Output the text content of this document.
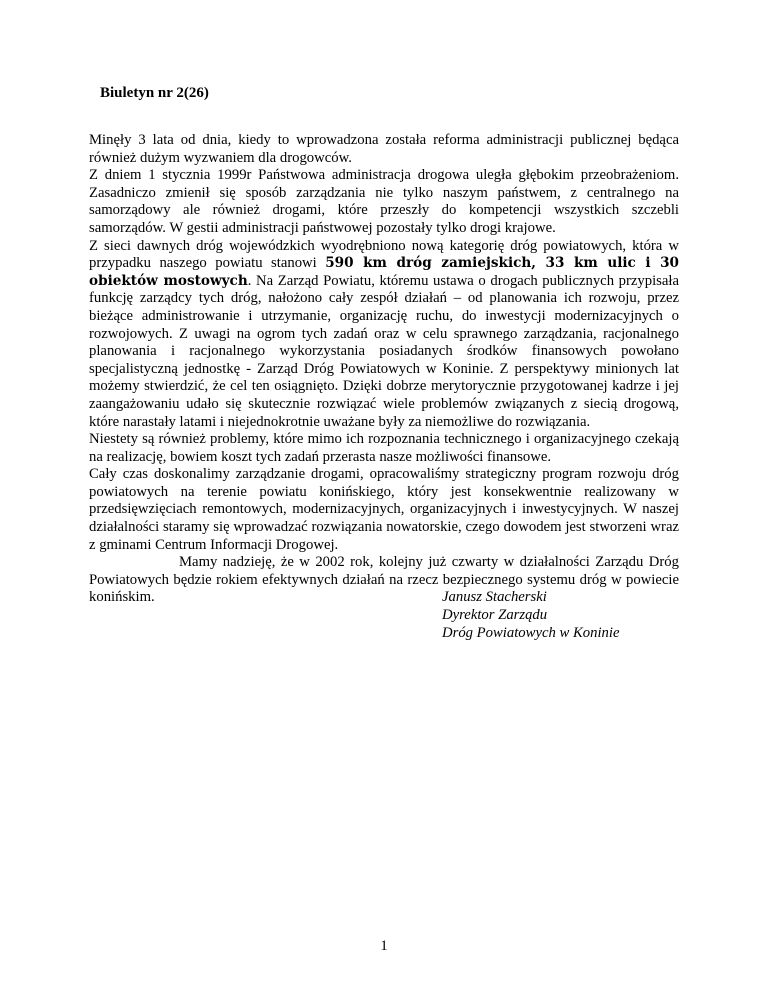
Biuletyn nr 2(26)

Minęły 3 lata od dnia, kiedy to wprowadzona została reforma administracji publicznej będąca również dużym wyzwaniem dla drogowców.

Z dniem 1 stycznia 1999r Państwowa administracja drogowa uległa głębokim przeobrażeniom. Zasadniczo zmienił się sposób zarządzania nie tylko naszym państwem, z centralnego na samorządowy ale również drogami, które przeszły do kompetencji wszystkich szczebli samorządów. W gestii administracji państwowej pozostały tylko drogi krajowe.

Z sieci dawnych dróg wojewódzkich wyodrębniono nową kategorię dróg powiatowych, która w przypadku naszego powiatu stanowi 590 km dróg zamiejskich, 33 km ulic i 30 obiektów mostowych. Na Zarząd Powiatu, któremu ustawa o drogach publicznych przypisała funkcję zarządcy tych dróg, nałożono cały zespół działań – od planowania ich rozwoju, przez bieżące administrowanie i utrzymanie, organizację ruchu, do inwestycji modernizacyjnych o rozwojowych. Z uwagi na ogrom tych zadań oraz w celu sprawnego zarządzania, racjonalnego planowania i racjonalnego wykorzystania posiadanych środków finansowych powołano specjalistyczną jednostkę - Zarząd Dróg Powiatowych w Koninie. Z perspektywy minionych lat możemy stwierdzić, że cel ten osiągnięto. Dzięki dobrze merytorycznie przygotowanej kadrze i jej zaangażowaniu udało się skutecznie rozwiązać wiele problemów związanych z siecią drogową, które narastały latami i niejednokrotnie uważane były za niemożliwe do rozwiązania.

Niestety są również problemy, które mimo ich rozpoznania technicznego i organizacyjnego czekają na realizację, bowiem koszt tych zadań przerasta nasze możliwości finansowe.

Cały czas doskonalimy zarządzanie drogami, opracowaliśmy strategiczny program rozwoju dróg powiatowych na terenie powiatu konińskiego, który jest konsekwentnie realizowany w przedsięwzięciach remontowych, modernizacyjnych, organizacyjnych i inwestycyjnych. W naszej działalności staramy się wprowadzać rozwiązania nowatorskie, czego dowodem jest stworzeni wraz z gminami Centrum Informacji Drogowej.

Mamy nadzieję, że w 2002 rok, kolejny już czwarty w działalności Zarządu Dróg Powiatowych będzie rokiem efektywnych działań na rzecz bezpiecznego systemu dróg w powiecie konińskim.	Janusz Stacherski
Dyrektor Zarządu
Dróg Powiatowych w Koninie
1
